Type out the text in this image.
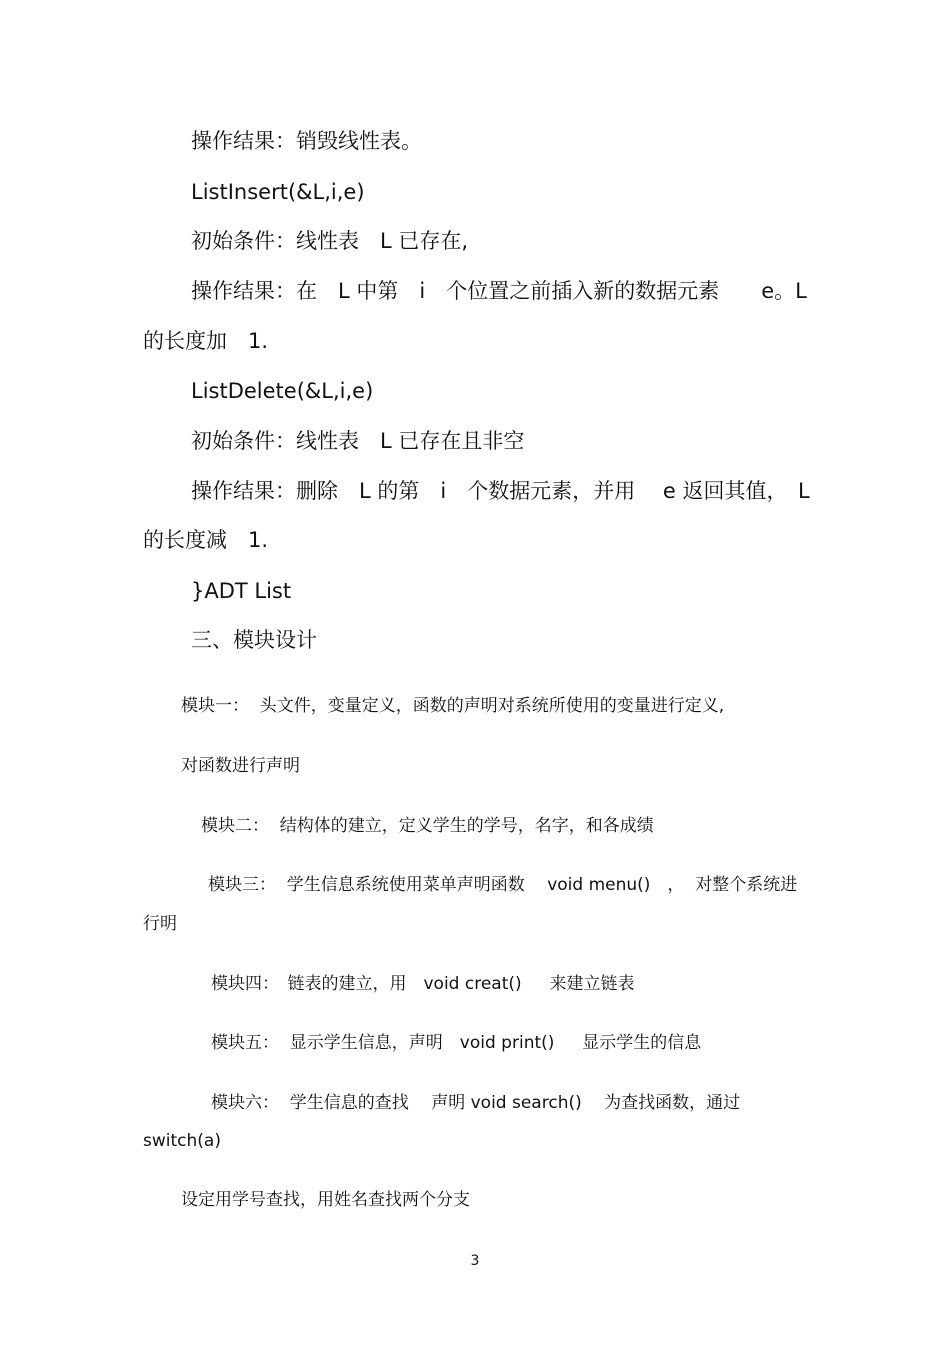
操作结果：销毁线性表。
ListInsert(&L,i,e)
初始条件：线性表　L 已存在,
操作结果：在　L 中第　i　个位置之前插入新的数据元素　　e。L
的长度加　1.
ListDelete(&L,i,e)
初始条件：线性表　L 已存在且非空
操作结果：删除　L 的第　i　个数据元素，并用　 e 返回其值，　L
的长度减　1.
}ADT List
三、模块设计
模块一：  头文件，变量定义，函数的声明对系统所使用的变量进行定义,
对函数进行声明
模块二：  结构体的建立，定义学生的学号，名字，和各成绩
模块三：  学生信息系统使用菜单声明函数　 void menu()　，  对整个系统进
行明
模块四：　链表的建立，用　void creat()　  来建立链表
模块五：  显示学生信息，声明　void print()　  显示学生的信息
模块六：  学生信息的查找　 声明 void search()　 为查找函数，通过
switch(a)
设定用学号查找，用姓名查找两个分支
3
